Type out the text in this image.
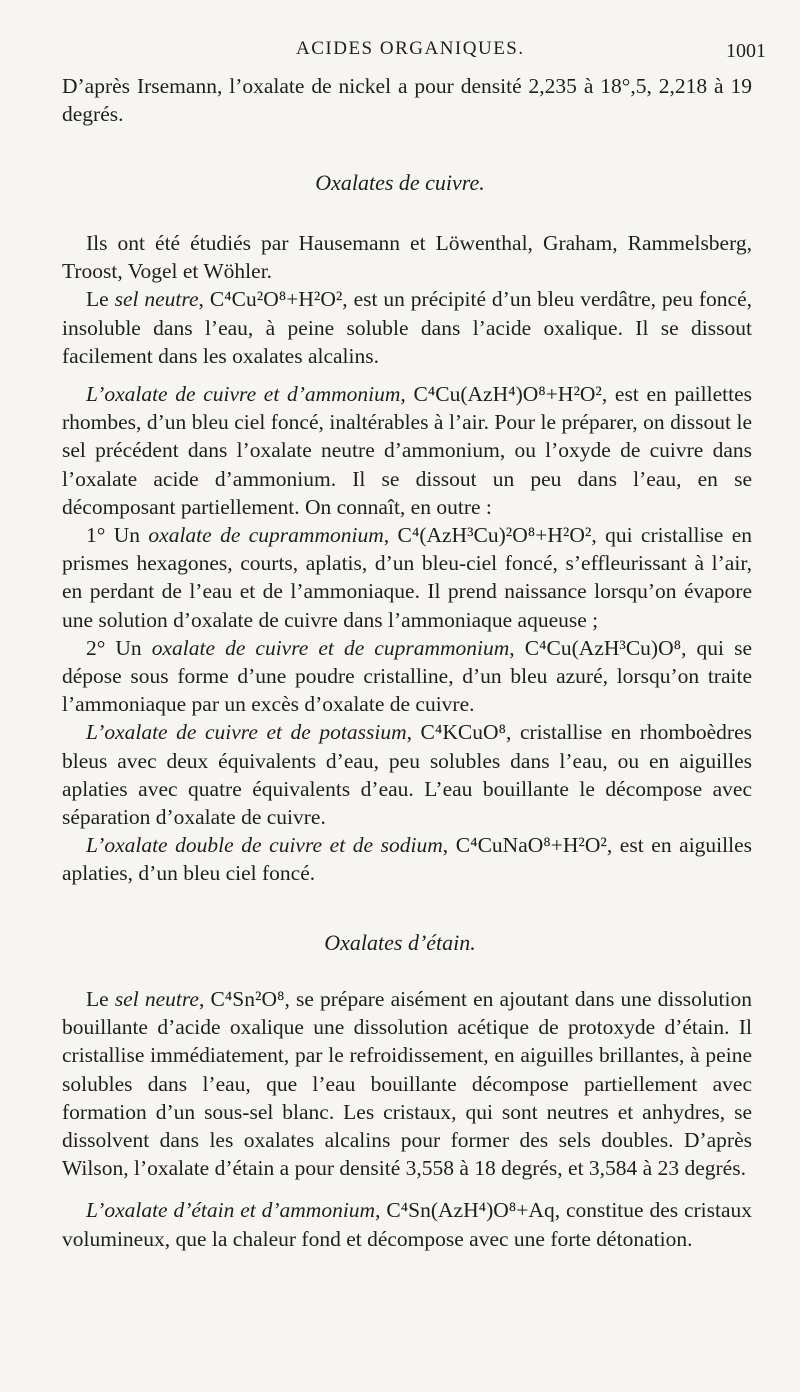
ACIDES ORGANIQUES.	1001

D’après Irsemann, l’oxalate de nickel a pour densité 2,235 à 18°,5, 2,218 à 19 degrés.

Oxalates de cuivre.

Ils ont été étudiés par Hausemann et Löwenthal, Graham, Rammelsberg, Troost, Vogel et Wöhler.

Le sel neutre, C⁴Cu²O⁸+H²O², est un précipité d’un bleu verdâtre, peu foncé, insoluble dans l’eau, à peine soluble dans l’acide oxalique. Il se dissout facilement dans les oxalates alcalins.

L’oxalate de cuivre et d’ammonium, C⁴Cu(AzH⁴)O⁸+H²O², est en paillettes rhombes, d’un bleu ciel foncé, inaltérables à l’air. Pour le préparer, on dissout le sel précédent dans l’oxalate neutre d’ammonium, ou l’oxyde de cuivre dans l’oxalate acide d’ammonium. Il se dissout un peu dans l’eau, en se décomposant partiellement. On connaît, en outre :

1° Un oxalate de cuprammonium, C⁴(AzH³Cu)²O⁸+H²O², qui cristallise en prismes hexagones, courts, aplatis, d’un bleu-ciel foncé, s’effleurissant à l’air, en perdant de l’eau et de l’ammoniaque. Il prend naissance lorsqu’on évapore une solution d’oxalate de cuivre dans l’ammoniaque aqueuse ;

2° Un oxalate de cuivre et de cuprammonium, C⁴Cu(AzH³Cu)O⁸, qui se dépose sous forme d’une poudre cristalline, d’un bleu azuré, lorsqu’on traite l’ammoniaque par un excès d’oxalate de cuivre.

L’oxalate de cuivre et de potassium, C⁴KCuO⁸, cristallise en rhomboèdres bleus avec deux équivalents d’eau, peu solubles dans l’eau, ou en aiguilles aplaties avec quatre équivalents d’eau. L’eau bouillante le décompose avec séparation d’oxalate de cuivre.

L’oxalate double de cuivre et de sodium, C⁴CuNaO⁸+H²O², est en aiguilles aplaties, d’un bleu ciel foncé.

Oxalates d’étain.

Le sel neutre, C⁴Sn²O⁸, se prépare aisément en ajoutant dans une dissolution bouillante d’acide oxalique une dissolution acétique de protoxyde d’étain. Il cristallise immédiatement, par le refroidissement, en aiguilles brillantes, à peine solubles dans l’eau, que l’eau bouillante décompose partiellement avec formation d’un sous-sel blanc. Les cristaux, qui sont neutres et anhydres, se dissolvent dans les oxalates alcalins pour former des sels doubles. D’après Wilson, l’oxalate d’étain a pour densité 3,558 à 18 degrés, et 3,584 à 23 degrés.

L’oxalate d’étain et d’ammonium, C⁴Sn(AzH⁴)O⁸+Aq, constitue des cristaux volumineux, que la chaleur fond et décompose avec une forte détonation.
